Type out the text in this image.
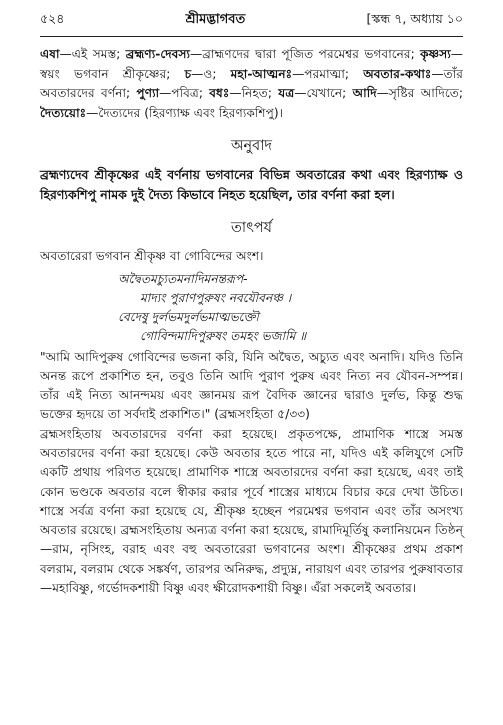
৫২৪	শ্রীমদ্ভাগবত	[স্কন্ধ ৭, অধ্যায় ১০

এষা—এই সমস্ত; ব্রহ্মণ্য-দেবস্য—ব্রাহ্মণদের দ্বারা পূজিত পরমেশ্বর ভগবানের; কৃষ্ণস্য—স্বয়ং ভগবান শ্রীকৃষ্ণের; চ—ও; মহা-আত্মনঃ—পরমাত্মা; অবতার-কথাঃ—তাঁর অবতারদের বর্ণনা; পুণ্যা—পবিত্র; বধঃ—নিহত; যত্র—যেখানে; আদি—সৃষ্টির আদিতে; দৈত্যয়োঃ—দৈত্যদের (হিরণ্যাক্ষ এবং হিরণ্যকশিপু)।

অনুবাদ

ব্রহ্মণ্যদেব শ্রীকৃষ্ণের এই বর্ণনায় ভগবানের বিভিন্ন অবতারের কথা এবং হিরণ্যাক্ষ ও হিরণ্যকশিপু নামক দুই দৈত্য কিভাবে নিহত হয়েছিল, তার বর্ণনা করা হল।

তাৎপর্য

অবতারেরা ভগবান শ্রীকৃষ্ণ বা গোবিন্দের অংশ।

অদ্বৈতমচ্যুতমনাদিমনন্তরূপ-
মাদ্যং পুরাণপুরুষং নবযৌবনঞ্চ ।
বেদেষু দুর্লভমদুর্লভমাত্মভক্তৌ
গোবিন্দমাদিপুরুষং তমহং ভজামি ॥

"আমি আদিপুরুষ গোবিন্দের ভজনা করি, যিনি অদ্বৈত, অচ্যুত এবং অনাদি। যদিও তিনি অনন্ত রূপে প্রকাশিত হন, তবুও তিনি আদি পুরাণ পুরুষ এবং নিত্য নব যৌবন-সম্পন্ন। তাঁর এই নিত্য আনন্দময় এবং জ্ঞানময় রূপ বৈদিক জ্ঞানের দ্বারাও দুর্লভ, কিন্তু শুদ্ধ ভক্তের হৃদয়ে তা সর্বদাই প্রকাশিত।" (ব্রহ্মসংহিতা ৫/৩৩)

ব্রহ্মসংহিতায় অবতারদের বর্ণনা করা হয়েছে। প্রকৃতপক্ষে, প্রামাণিক শাস্ত্রে সমস্ত অবতারদের বর্ণনা করা হয়েছে। কেউ অবতার হতে পারে না, যদিও এই কলিযুগে সেটি একটি প্রথায় পরিণত হয়েছে। প্রামাণিক শাস্ত্রে অবতারদের বর্ণনা করা হয়েছে, এবং তাই কোন ভণ্ডকে অবতার বলে স্বীকার করার পূর্বে শাস্ত্রের মাধ্যমে বিচার করে দেখা উচিত। শাস্ত্রে সর্বত্র বর্ণনা করা হয়েছে যে, শ্রীকৃষ্ণ হচ্ছেন পরমেশ্বর ভগবান এবং তাঁর অসংখ্য অবতার রয়েছে। ব্রহ্মসংহিতায় অন্যত্র বর্ণনা করা হয়েছে, রামাদিমূর্তিষু কলানিয়মেন তিষ্ঠন্—রাম, নৃসিংহ, বরাহ এবং বহু অবতারেরা ভগবানের অংশ। শ্রীকৃষ্ণের প্রথম প্রকাশ বলরাম, বলরাম থেকে সঙ্কর্ষণ, তারপর অনিরুদ্ধ, প্রদ্যুম্ন, নারায়ণ এবং তারপর পুরুষাবতার—মহাবিষ্ণু, গর্ভোদকশায়ী বিষ্ণু এবং ক্ষীরোদকশায়ী বিষ্ণু। এঁরা সকলেই অবতার।
